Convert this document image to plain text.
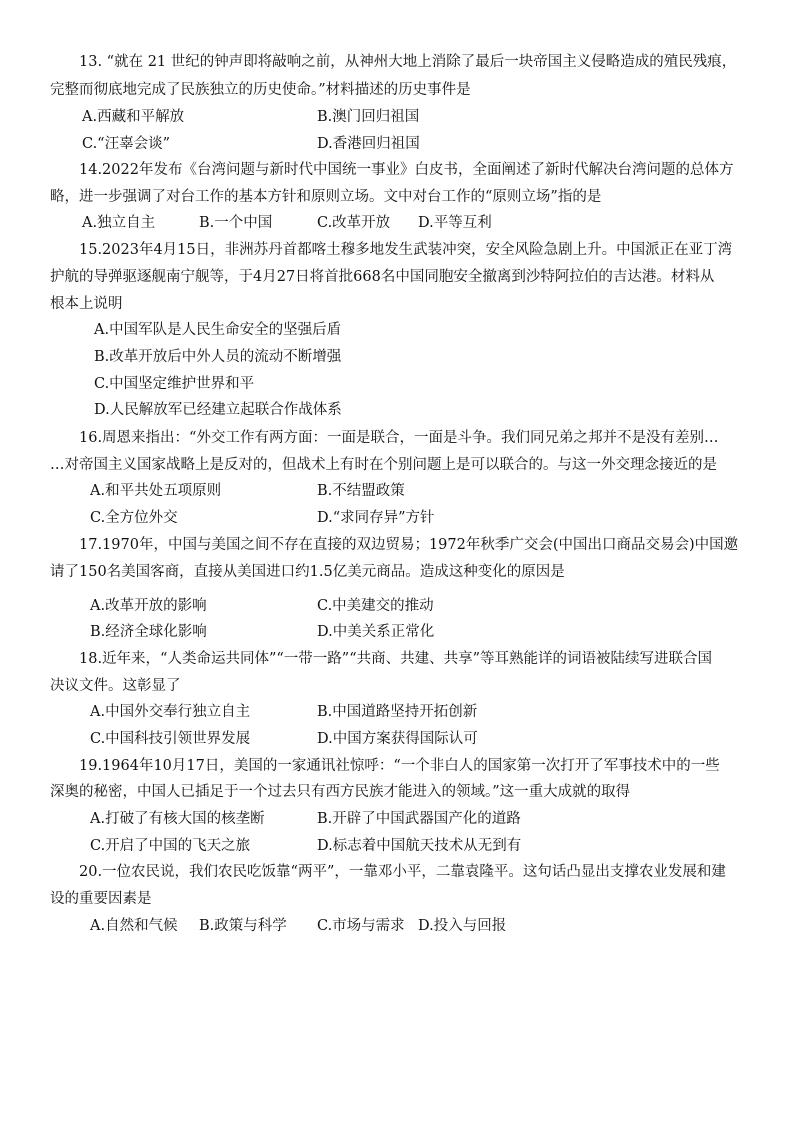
13. “就在 21 世纪的钟声即将敲响之前，从神州大地上消除了最后一块帝国主义侵略造成的殖民残痕，
完整而彻底地完成了民族独立的历史使命。”材料描述的历史事件是
A.西藏和平解放	B.澳门回归祖国
C.“汪辜会谈”	D.香港回归祖国
14.2022年发布《台湾问题与新时代中国统一事业》白皮书，全面阐述了新时代解决台湾问题的总体方
略，进一步强调了对台工作的基本方针和原则立场。文中对台工作的“原则立场”指的是
A.独立自主	B.一个中国	C.改革开放 D.平等互利
15.2023年4月15日，非洲苏丹首都喀土穆多地发生武装冲突，安全风险急剧上升。中国派正在亚丁湾
护航的导弹驱逐舰南宁舰等，于4月27日将首批668名中国同胞安全撤离到沙特阿拉伯的吉达港。材料从
根本上说明
A.中国军队是人民生命安全的坚强后盾
B.改革开放后中外人员的流动不断增强
C.中国坚定维护世界和平
D.人民解放军已经建立起联合作战体系
16.周恩来指出：“外交工作有两方面：一面是联合，一面是斗争。我们同兄弟之邦并不是没有差别…
…对帝国主义国家战略上是反对的，但战术上有时在个别问题上是可以联合的。与这一外交理念接近的是
A.和平共处五项原则	B.不结盟政策
C.全方位外交	D.“求同存异”方针
17.1970年，中国与美国之间不存在直接的双边贸易；1972年秋季广交会(中国出口商品交易会)中国邀
请了150名美国客商，直接从美国进口约1.5亿美元商品。造成这种变化的原因是
A.改革开放的影响	C.中美建交的推动
B.经济全球化影响	D.中美关系正常化
18.近年来，“人类命运共同体”“一带一路”“共商、共建、共享”等耳熟能详的词语被陆续写进联合国
决议文件。这彰显了
A.中国外交奉行独立自主	B.中国道路坚持开拓创新
C.中国科技引领世界发展	D.中国方案获得国际认可
19.1964年10月17日，美国的一家通讯社惊呼：“一个非白人的国家第一次打开了军事技术中的一些
深奥的秘密，中国人已插足于一个过去只有西方民族才能进入的领域。”这一重大成就的取得
A.打破了有核大国的核垄断	B.开辟了中国武器国产化的道路
C.开启了中国的飞天之旅	D.标志着中国航天技术从无到有
20.一位农民说，我们农民吃饭靠“两平”，一靠邓小平，二靠袁隆平。这句话凸显出支撑农业发展和建
设的重要因素是
A.自然和气候 B.政策与科学 C.市场与需求 D.投入与回报
